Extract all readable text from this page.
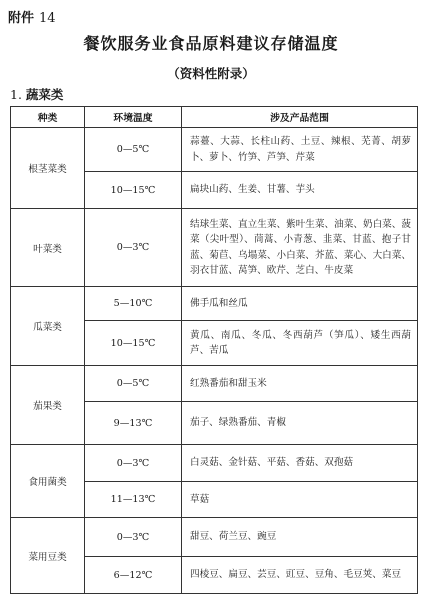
附件 14
餐饮服务业食品原料建议存储温度
（资料性附录）
1. 蔬菜类
种类	环境温度	涉及产品范围
根茎菜类	0—5℃	蒜薹、大蒜、长柱山药、土豆、辣根、芜菁、胡萝卜、萝卜、竹笋、芦笋、芹菜
	10—15℃	扁块山药、生姜、甘薯、芋头
叶菜类	0—3℃	结球生菜、直立生菜、紫叶生菜、油菜、奶白菜、菠菜（尖叶型）、茼蒿、小青葱、韭菜、甘蓝、抱子甘蓝、菊苣、乌塌菜、小白菜、芥蓝、菜心、大白菜、羽衣甘蓝、莴笋、欧芹、芝白、牛皮菜
瓜菜类	5—10℃	佛手瓜和丝瓜
	10—15℃	黄瓜、南瓜、冬瓜、冬西葫芦（笋瓜）、矮生西葫芦、苦瓜
茄果类	0—5℃	红熟番茄和甜玉米
	9—13℃	茄子、绿熟番茄、青椒
食用菌类	0—3℃	白灵菇、金针菇、平菇、香菇、双孢菇
	11—13℃	草菇
菜用豆类	0—3℃	甜豆、荷兰豆、豌豆
	6—12℃	四棱豆、扁豆、芸豆、豇豆、豆角、毛豆荚、菜豆
